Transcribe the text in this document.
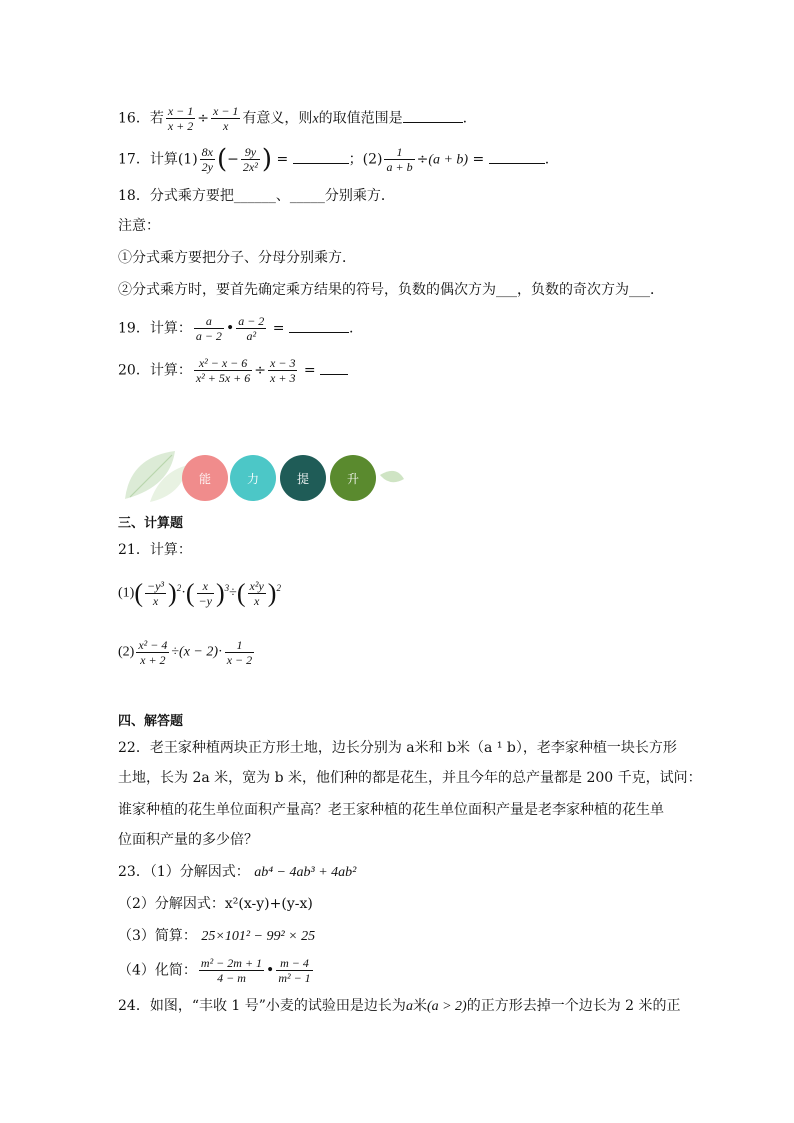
16．若 $\frac{x - 1}{x + 2} \div \frac{x - 1}{x}$ 有意义，则x的取值范围是	.
17．计算$(1) \frac{8x}{2y}$ (− $\frac{9y}{\text{2x²}}$ ) =	；$(2) \frac{1}{a + b} \div(a + b)$ =	.
18．分式乘方要把______、_____分别乘方．
注意：
①分式乘方要把分子、分母分别乘方．
②分式乘方时，要首先确定乘方结果的符号，负数的偶次方为___，负数的奇次方为___．
19．计算： $\frac{a}{a - 2}$ • $\frac{a - 2}{\text{a²}}$ =	.
20．计算： $\frac{\text{x² − x − 6}}{\text{x² + 5x + 6}} \div \frac{x - 3}{x + 3}$ =
能	力	提	升
三、计算题
21．计算：
$(1)( \frac{\text{−y³}}{x} )^2\cdot( \frac{x}{-y} )^3\div( \frac{\text{x²y}}{x} )^2$
$(2) \frac{\text{x² − 4}}{x + 2} \div(x - 2)\cdot \frac{1}{x - 2}$
四、解答题
22．老王家种植两块正方形土地，边长分别为 a米和 b米（a ¹ b），老李家种植一块长方形
土地，长为 2a 米，宽为 b 米，他们种的都是花生，并且今年的总产量都是 200 千克，试问：
谁家种植的花生单位面积产量高？老王家种植的花生单位面积产量是老李家种植的花生单
位面积产量的多少倍？
23．（1）分解因式： ab⁴ − 4ab³ + 4ab²
（2）分解因式：x²(x-y)+(y-x)
（3）简算： 25×101² − 99² × 25
（4）化简： $\frac{\text{m² − 2m + 1}}{4 - m}$ • $\frac{m - 4}{\text{m² − 1}}$
24．如图，“丰收 1 号”小麦的试验田是边长为a米(a > 2)的正方形去掉一个边长为 2 米的正
